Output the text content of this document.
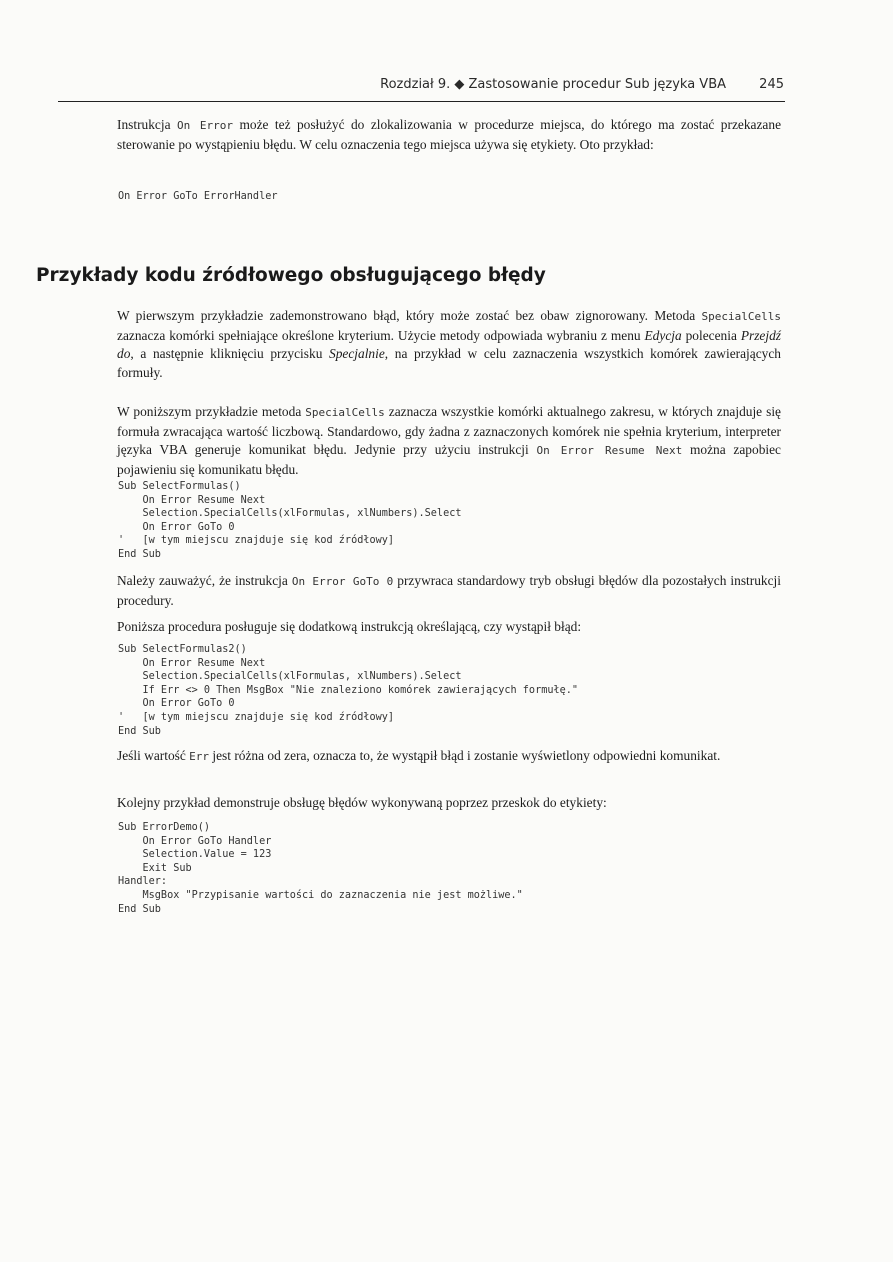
Rozdział 9. ◆ Zastosowanie procedur Sub języka VBA	245

Instrukcja On Error może też posłużyć do zlokalizowania w procedurze miejsca, do którego ma zostać przekazane sterowanie po wystąpieniu błędu. W celu oznaczenia tego miejsca używa się etykiety. Oto przykład:

On Error GoTo ErrorHandler
Przykłady kodu źródłowego obsługującego błędy

W pierwszym przykładzie zademonstrowano błąd, który może zostać bez obaw zignorowany. Metoda SpecialCells zaznacza komórki spełniające określone kryterium. Użycie metody odpowiada wybraniu z menu Edycja polecenia Przejdź do, a następnie kliknięciu przycisku Specjalnie, na przykład w celu zaznaczenia wszystkich komórek zawierających formuły.

W poniższym przykładzie metoda SpecialCells zaznacza wszystkie komórki aktualnego zakresu, w których znajduje się formuła zwracająca wartość liczbową. Standardowo, gdy żadna z zaznaczonych komórek nie spełnia kryterium, interpreter języka VBA generuje komunikat błędu. Jedynie przy użyciu instrukcji On Error Resume Next można zapobiec pojawieniu się komunikatu błędu.

Sub SelectFormulas()
On Error Resume Next
Selection.SpecialCells(xlFormulas, xlNumbers).Select
On Error GoTo 0
'   [w tym miejscu znajduje się kod źródłowy]
End Sub

Należy zauważyć, że instrukcja On Error GoTo 0 przywraca standardowy tryb obsługi błędów dla pozostałych instrukcji procedury.

Poniższa procedura posługuje się dodatkową instrukcją określającą, czy wystąpił błąd:

Sub SelectFormulas2()
On Error Resume Next
Selection.SpecialCells(xlFormulas, xlNumbers).Select
If Err <> 0 Then MsgBox "Nie znaleziono komórek zawierających formułę."
On Error GoTo 0
'   [w tym miejscu znajduje się kod źródłowy]
End Sub

Jeśli wartość Err jest różna od zera, oznacza to, że wystąpił błąd i zostanie wyświetlony odpowiedni komunikat.

Kolejny przykład demonstruje obsługę błędów wykonywaną poprzez przeskok do etykiety:

Sub ErrorDemo()
On Error GoTo Handler
Selection.Value = 123
Exit Sub
Handler:
MsgBox "Przypisanie wartości do zaznaczenia nie jest możliwe."
End Sub
